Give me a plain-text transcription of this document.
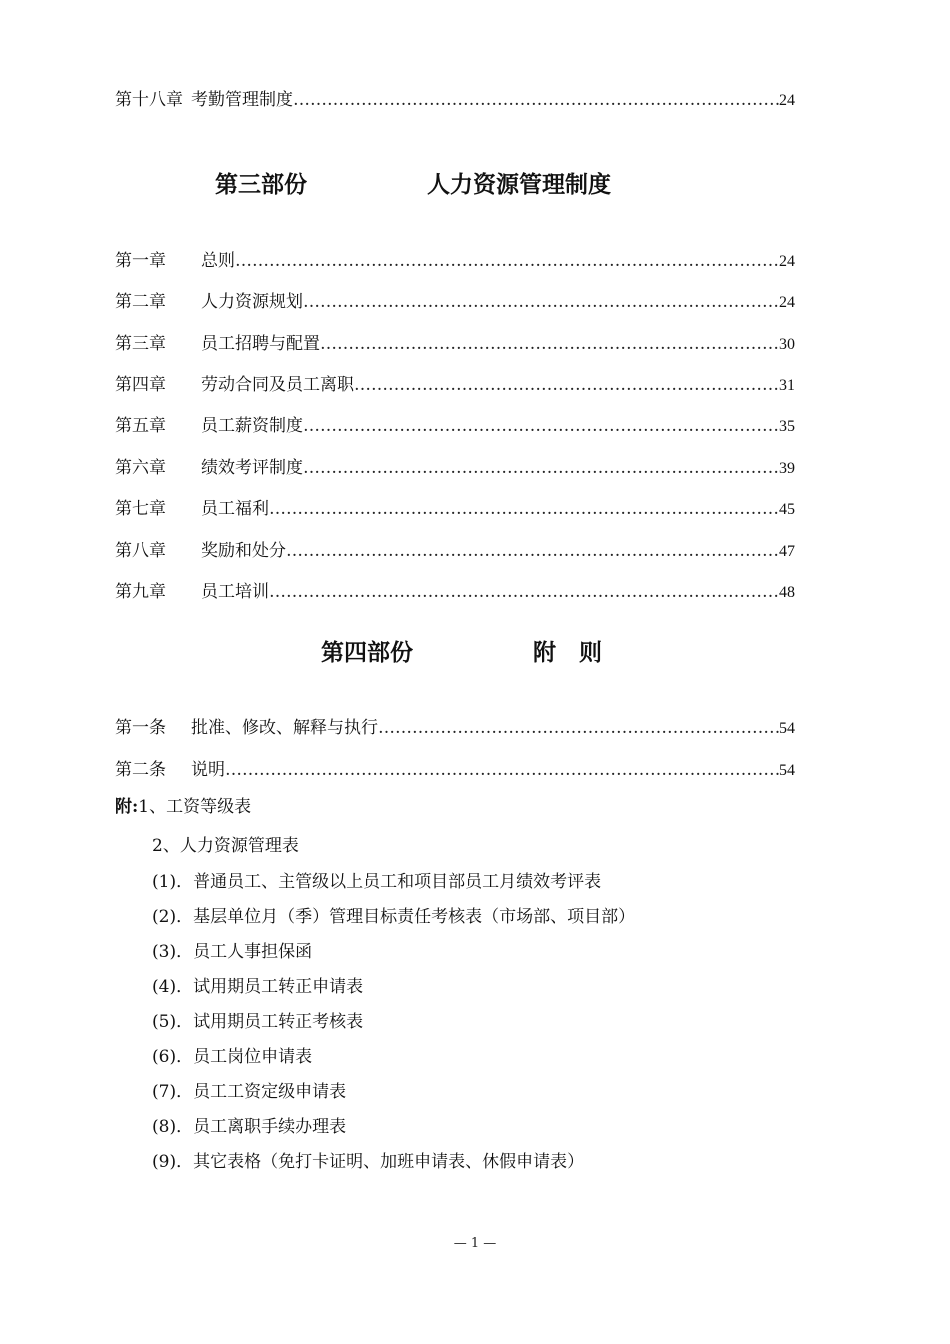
第十八章 考勤管理制度 …………………………………………………………………………………………………………………………………………………………………………………	24
第三部份	人力资源管理制度
第一章	总则 …………………………………………………………………………………………………………………………………………………………………………………	24
第二章	人力资源规划 …………………………………………………………………………………………………………………………………………………………………………………	24
第三章	员工招聘与配置 …………………………………………………………………………………………………………………………………………………………………………………	30
第四章	劳动合同及员工离职 …………………………………………………………………………………………………………………………………………………………………………………	31
第五章	员工薪资制度 …………………………………………………………………………………………………………………………………………………………………………………	35
第六章	绩效考评制度 …………………………………………………………………………………………………………………………………………………………………………………	39
第七章	员工福利 …………………………………………………………………………………………………………………………………………………………………………………	45
第八章	奖励和处分 …………………………………………………………………………………………………………………………………………………………………………………	47
第九章	员工培训 …………………………………………………………………………………………………………………………………………………………………………………	48
第四部份	附　则
第一条	批准、修改、解释与执行 …………………………………………………………………………………………………………………………………………………………………………………	54
第二条	说明 …………………………………………………………………………………………………………………………………………………………………………………	54
附:1、工资等级表
2、人力资源管理表
(1)．普通员工、主管级以上员工和项目部员工月绩效考评表
(2)．基层单位月（季）管理目标责任考核表（市场部、项目部）
(3)．员工人事担保函
(4)．试用期员工转正申请表
(5)．试用期员工转正考核表
(6)．员工岗位申请表
(7)．员工工资定级申请表
(8)．员工离职手续办理表
(9)．其它表格（免打卡证明、加班申请表、休假申请表）
— 1 —
